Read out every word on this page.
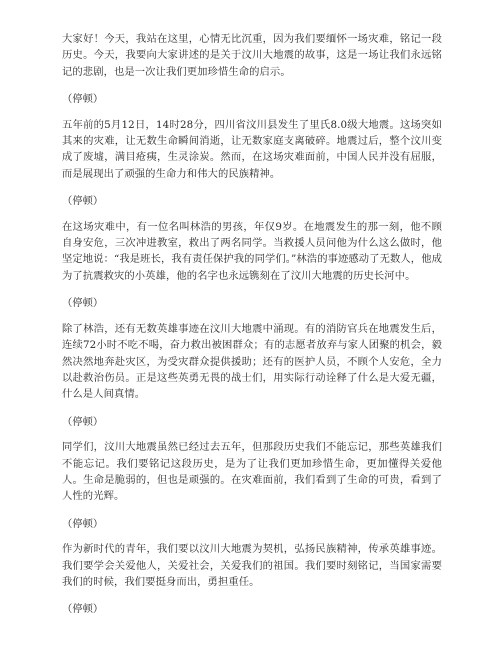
大家好！今天，我站在这里，心情无比沉重，因为我们要缅怀一场灾难，铭记一段历史。今天，我要向大家讲述的是关于汶川大地震的故事，这是一场让我们永远铭记的悲剧，也是一次让我们更加珍惜生命的启示。

（停顿）

五年前的5月12日，14时28分，四川省汶川县发生了里氏8.0级大地震。这场突如其来的灾难，让无数生命瞬间消逝，让无数家庭支离破碎。地震过后，整个汶川变成了废墟，满目疮痍，生灵涂炭。然而，在这场灾难面前，中国人民并没有屈服，而是展现出了顽强的生命力和伟大的民族精神。

（停顿）

在这场灾难中，有一位名叫林浩的男孩，年仅9岁。在地震发生的那一刻，他不顾自身安危，三次冲进教室，救出了两名同学。当救援人员问他为什么这么做时，他坚定地说：“我是班长，我有责任保护我的同学们。”林浩的事迹感动了无数人，他成为了抗震救灾的小英雄，他的名字也永远镌刻在了汶川大地震的历史长河中。

（停顿）

除了林浩，还有无数英雄事迹在汶川大地震中涌现。有的消防官兵在地震发生后，连续72小时不吃不喝，奋力救出被困群众；有的志愿者放弃与家人团聚的机会，毅然决然地奔赴灾区，为受灾群众提供援助；还有的医护人员，不顾个人安危，全力以赴救治伤员。正是这些英勇无畏的战士们，用实际行动诠释了什么是大爱无疆，什么是人间真情。

（停顿）

同学们，汶川大地震虽然已经过去五年，但那段历史我们不能忘记，那些英雄我们不能忘记。我们要铭记这段历史，是为了让我们更加珍惜生命，更加懂得关爱他人。生命是脆弱的，但也是顽强的。在灾难面前，我们看到了生命的可贵，看到了人性的光辉。

（停顿）

作为新时代的青年，我们要以汶川大地震为契机，弘扬民族精神，传承英雄事迹。我们要学会关爱他人，关爱社会，关爱我们的祖国。我们要时刻铭记，当国家需要我们的时候，我们要挺身而出，勇担重任。

（停顿）
